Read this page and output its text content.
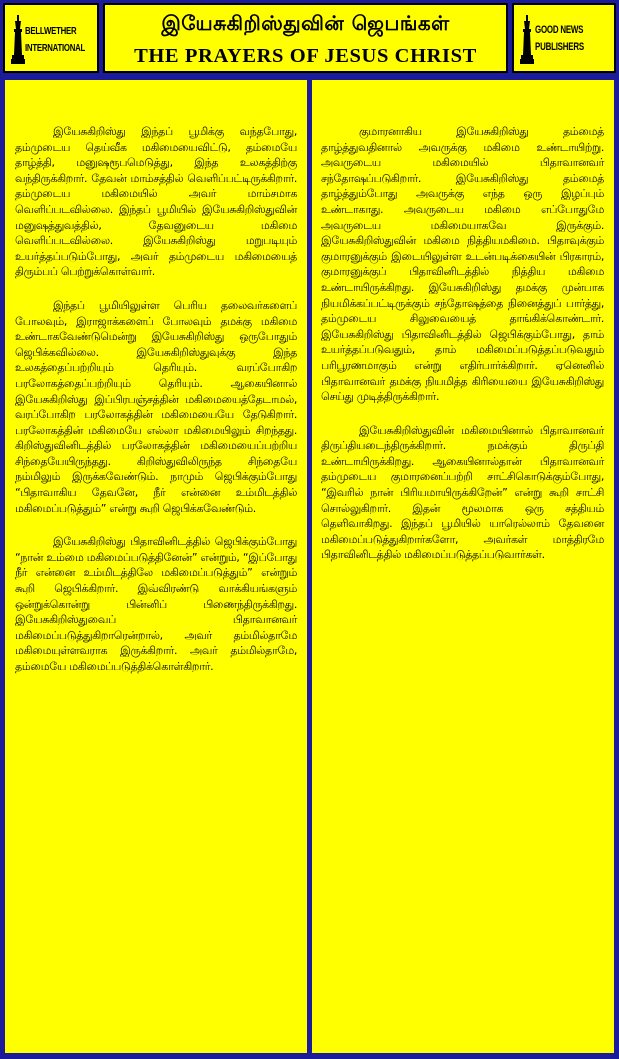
BELLWETHER
INTERNATIONAL
இயேசுகிறிஸ்துவின் ஜெபங்கள்
THE PRAYERS OF JESUS CHRIST
GOOD NEWS
PUBLISHERS

இயேசுகிறிஸ்து இந்தப் பூமிக்கு வந்தபோது, தம்முடைய தெய்வீக மகிமையைவிட்டு, தம்மையே தாழ்த்தி, மனுஷரூபமெடுத்து, இந்த உலகத்திற்கு வந்திருக்கிறார். தேவன் மாம்சத்தில் வெளிப்பட்டிருக்கிறார். தம்முடைய மகிமையில் அவர் மாம்சமாக வெளிப்படவில்லை. இந்தப் பூமியில் இயேசுகிறிஸ்துவின் மனுஷத்துவத்தில், தேவனுடைய மகிமை வெளிப்படவில்லை. இயேசுகிறிஸ்து மறுபடியும் உயர்த்தப்படும்போது, அவர் தம்முடைய மகிமையைத் திரும்பப் பெற்றுக்கொள்வார்.

இந்தப் பூமியிலுள்ள பெரிய தலைவர்களைப் போலவும், இராஜாக்களைப் போலவும் தமக்கு மகிமை உண்டாகவேண்டுமென்று இயேசுகிறிஸ்து ஒருபோதும் ஜெபிக்கவில்லை. இயேசுகிறிஸ்துவுக்கு இந்த உலகத்தைப்பற்றியும் தெரியும். வரப்போகிற பரலோகத்தைப்பற்றியும் தெரியும். ஆகையினால் இயேசுகிறிஸ்து இப்பிரபஞ்சத்தின் மகிமையைத்தேடாமல், வரப்போகிற பரலோகத்தின் மகிமையையே தேடுகிறார். பரலோகத்தின் மகிமையே எல்லா மகிமையிலும் சிறந்தது. கிறிஸ்துவினிடத்தில் பரலோகத்தின் மகிமையைப்பற்றிய சிந்தையேயிருந்தது. கிறிஸ்துவிலிருந்த சிந்தையே நம்மிலும் இருக்கவேண்டும். நாமும் ஜெபிக்கும்போது “பிதாவாகிய தேவனே, நீர் என்னை உம்மிடத்தில் மகிமைப்படுத்தும்” என்று கூறி ஜெபிக்கவேண்டும்.

இயேசுகிறிஸ்து பிதாவினிடத்தில் ஜெபிக்கும்போது “நான் உம்மை மகிமைப்படுத்தினேன்” என்றும், “இப்போது நீர் என்னை உம்மிடத்திலே மகிமைப்படுத்தும்” என்றும் கூறி ஜெபிக்கிறார். இவ்விரண்டு வாக்கியங்களும் ஒன்றுக்கொன்று பின்னிப் பிணைந்திருக்கிறது. இயேசுகிறிஸ்துவைப் பிதாவானவர் மகிமைப்படுத்துகிறாரென்றால், அவர் தம்மில்தாமே மகிமையுள்ளவராக இருக்கிறார். அவர் தம்மில்தாமே, தம்மையே மகிமைப்படுத்திக்கொள்கிறார்.

குமாரனாகிய இயேசுகிறிஸ்து தம்மைத் தாழ்த்துவதினால் அவருக்கு மகிமை உண்டாயிற்று. அவருடைய மகிமையில் பிதாவானவர் சந்தோஷப்படுகிறார். இயேசுகிறிஸ்து தம்மைத் தாழ்த்தும்போது அவருக்கு எந்த ஒரு இழப்பும் உண்டாகாது. அவருடைய மகிமை எப்போதுமே அவருடைய மகிமையாகவே இருக்கும். இயேசுகிறிஸ்துவின் மகிமை நித்தியமகிமை. பிதாவுக்கும் குமாரனுக்கும் இடையிலுள்ள உடன்படிக்கையின் பிரகாரம், குமாரனுக்குப் பிதாவினிடத்தில் நித்திய மகிமை உண்டாயிருக்கிறது. இயேசுகிறிஸ்து தமக்கு முன்பாக நியமிக்கப்பட்டிருக்கும் சந்தோஷத்தை நினைத்துப் பார்த்து, தம்முடைய சிலுவையைத் தாங்கிக்கொண்டார். இயேசுகிறிஸ்து பிதாவினிடத்தில் ஜெபிக்கும்போது, தாம் உயர்த்தப்படுவதும், தாம் மகிமைப்படுத்தப்படுவதும் பரிபூரணமாகும் என்று எதிர்பார்க்கிறார். ஏனெனில் பிதாவானவர் தமக்கு நியமித்த கிரியையை இயேசுகிறிஸ்து செய்து முடித்திருக்கிறார்.

இயேசுகிறிஸ்துவின் மகிமையினால் பிதாவானவர் திருப்தியடைந்திருக்கிறார். நமக்கும் திருப்தி உண்டாயிருக்கிறது. ஆகையினால்தான் பிதாவானவர் தம்முடைய குமாரனைப்பற்றி சாட்சிகொடுக்கும்போது, “இவரில் நான் பிரியமாயிருக்கிறேன்” என்று கூறி சாட்சி சொல்லுகிறார். இதன் மூலமாக ஒரு சத்தியம் தெளிவாகிறது. இந்தப் பூமியில் யாரெல்லாம் தேவனை மகிமைப்படுத்துகிறார்களோ, அவர்கள் மாத்திரமே பிதாவினிடத்தில் மகிமைப்படுத்தப்படுவார்கள்.
